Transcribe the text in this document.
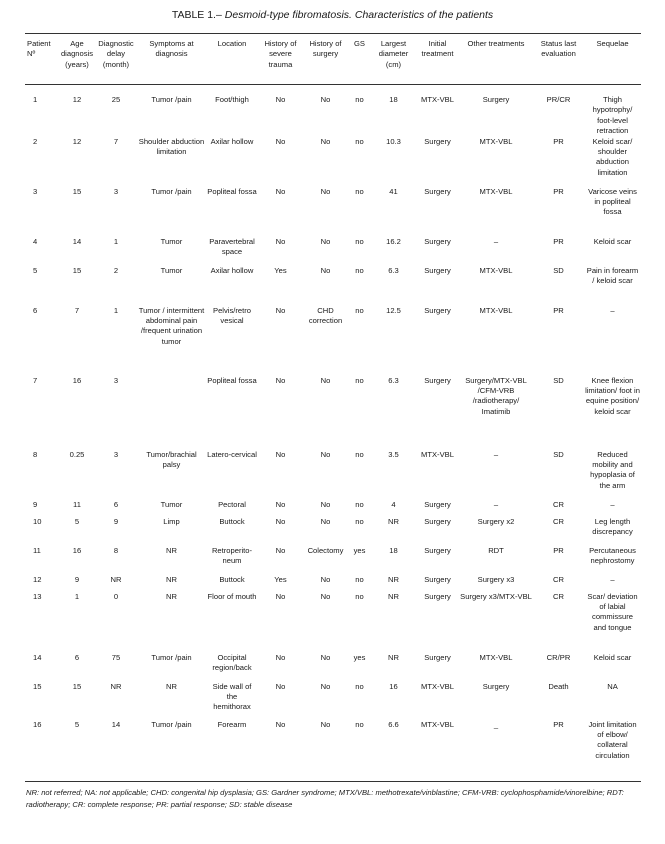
TABLE 1.– Desmoid-type fibromatosis. Characteristics of the patients
Patient Nº	Age diagnosis (years)	Diagnostic delay (month)	Symptoms at diagnosis	Location	History of severe trauma	History of surgery	GS	Largest diameter (cm)	Initial treatment	Other treatments	Status last evaluation	Sequelae
1	12	25	Tumor /pain	Foot/thigh	No	No	no	18	MTX-VBL	Surgery	PR/CR	Thigh hypotrophy/ foot-level retraction
2	12	7	Shoulder abduction limitation	Axilar hollow	No	No	no	10.3	Surgery	MTX-VBL	PR	Keloid scar/ shoulder abduction limitation
3	15	3	Tumor /pain	Popliteal fossa	No	No	no	41	Surgery	MTX-VBL	PR	Varicose veins in popliteal fossa
4	14	1	Tumor	Paravertebral space	No	No	no	16.2	Surgery	–	PR	Keloid scar
5	15	2	Tumor	Axilar hollow	Yes	No	no	6.3	Surgery	MTX-VBL	SD	Pain in forearm / keloid scar
6	7	1	Tumor / intermittent abdominal pain /frequent urination tumor	Pelvis/retro vesical	No	CHD correction	no	12.5	Surgery	MTX-VBL	PR	–
7	16	3		Popliteal fossa	No	No	no	6.3	Surgery	Surgery/MTX-VBL /CFM-VRB /radiotherapy/ Imatimib	SD	Knee flexion limitation/ foot in equine position/ keloid scar
8	0.25	3	Tumor/brachial palsy	Latero-cervical	No	No	no	3.5	MTX-VBL	–	SD	Reduced mobility and hypoplasia of the arm
9	11	6	Tumor	Pectoral	No	No	no	4	Surgery	–	CR	–
10	5	9	Limp	Buttock	No	No	no	NR	Surgery	Surgery x2	CR	Leg length discrepancy
11	16	8	NR	Retroperito-neum	No	Colectomy	yes	18	Surgery	RDT	PR	Percutaneous nephrostomy
12	9	NR	NR	Buttock	Yes	No	no	NR	Surgery	Surgery x3	CR	–
13	1	0	NR	Floor of mouth	No	No	no	NR	Surgery	Surgery x3/MTX-VBL	CR	Scar/ deviation of labial commissure and tongue
14	6	75	Tumor /pain	Occipital region/back	No	No	yes	NR	Surgery	MTX-VBL	CR/PR	Keloid scar
15	15	NR	NR	Side wall of the hemithorax	No	No	no	16	MTX-VBL	Surgery	Death	NA
16	5	14	Tumor /pain	Forearm	No	No	no	6.6	MTX-VBL	_	PR	Joint limitation of elbow/ collateral circulation
NR: not referred; NA: not applicable; CHD: congenital hip dysplasia; GS: Gardner syndrome; MTX/VBL: methotrexate/vinblastine; CFM-VRB: cyclophosphamide/vinorelbine; RDT: radiotherapy; CR: complete response; PR: partial response; SD: stable disease
